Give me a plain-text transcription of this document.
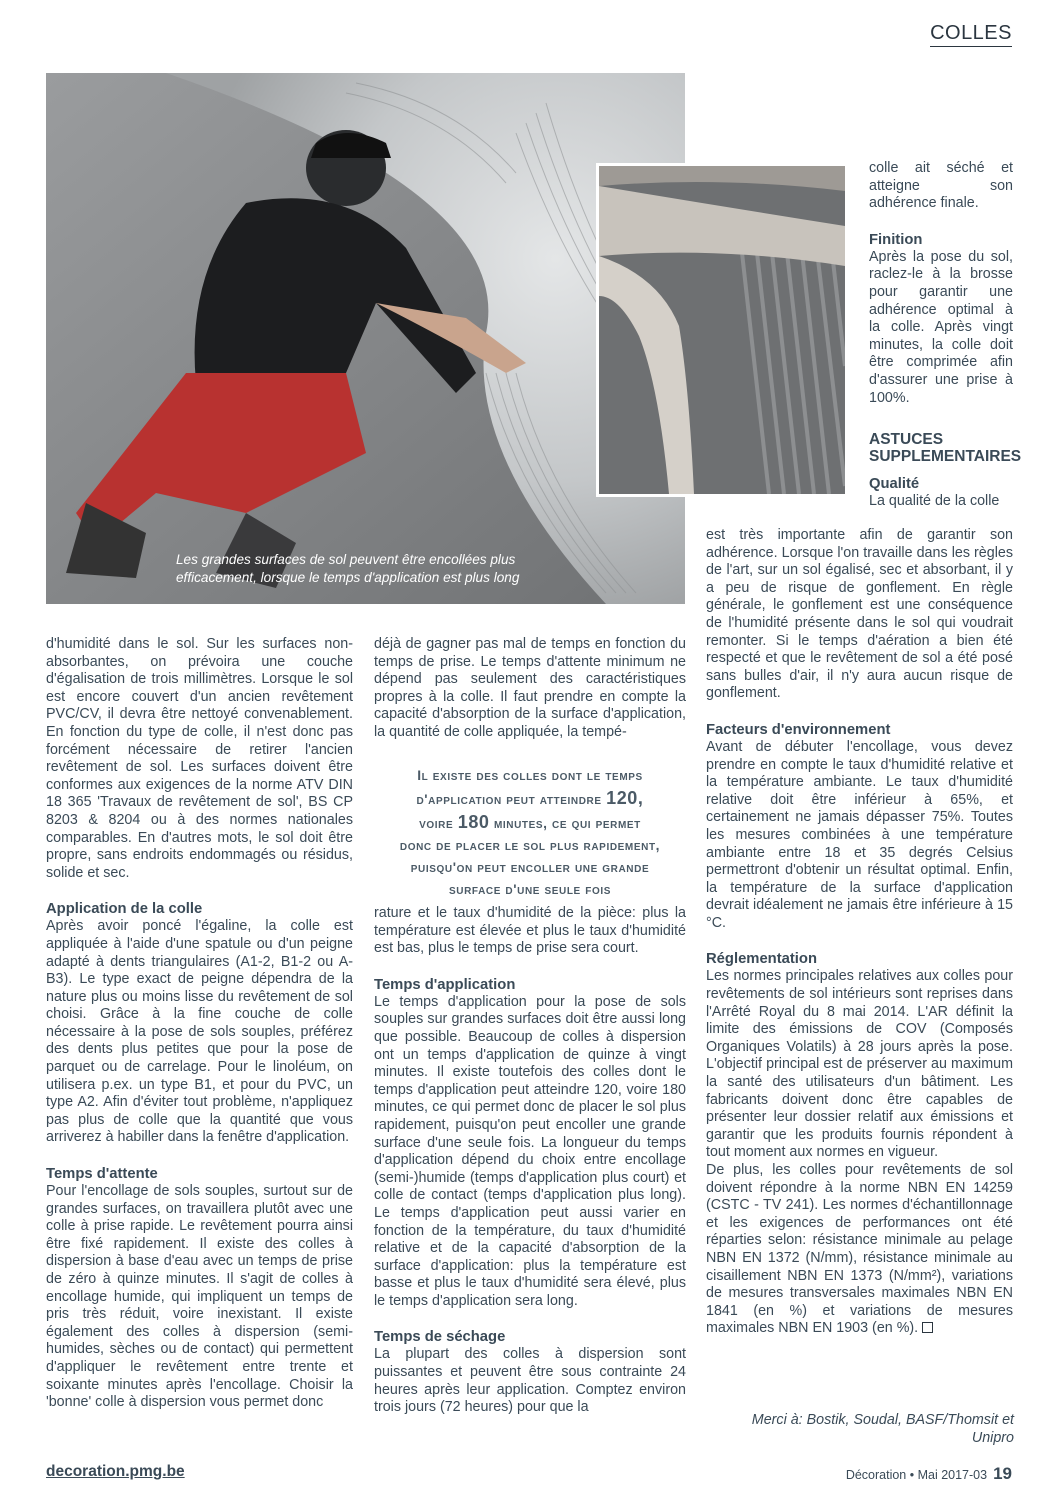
COLLES
Les grandes surfaces de sol peuvent être encollées plus efficacement, lorsque le temps d'application est plus long

d'humidité dans le sol. Sur les surfaces non-absorbantes, on prévoira une couche d'égalisation de trois millimètres. Lorsque le sol est encore couvert d'un ancien revêtement PVC/CV, il devra être nettoyé convenablement. En fonction du type de colle, il n'est donc pas forcément nécessaire de retirer l'ancien revêtement de sol. Les surfaces doivent être conformes aux exigences de la norme ATV DIN 18 365 'Travaux de revêtement de sol', BS CP 8203 & 8204 ou à des normes nationales comparables. En d'autres mots, le sol doit être propre, sans endroits endommagés ou résidus, solide et sec.

Application de la colle

Après avoir poncé l'égaline, la colle est appliquée à l'aide d'une spatule ou d'un peigne adapté à dents triangulaires (A1-2, B1-2 ou A-B3). Le type exact de peigne dépendra de la nature plus ou moins lisse du revêtement de sol choisi. Grâce à la fine couche de colle nécessaire à la pose de sols souples, préférez des dents plus petites que pour la pose de parquet ou de carrelage. Pour le linoléum, on utilisera p.ex. un type B1, et pour du PVC, un type A2. Afin d'éviter tout problème, n'appliquez pas plus de colle que la quantité que vous arriverez à habiller dans la fenêtre d'application.

Temps d'attente

Pour l'encollage de sols souples, surtout sur de grandes surfaces, on travaillera plutôt avec une colle à prise rapide. Le revêtement pourra ainsi être fixé rapidement. Il existe des colles à dispersion à base d'eau avec un temps de prise de zéro à quinze minutes. Il s'agit de colles à encollage humide, qui impliquent un temps de pris très réduit, voire inexistant. Il existe également des colles à dispersion (semi-humides, sèches ou de contact) qui permettent d'appliquer le revêtement entre trente et soixante minutes après l'encollage. Choisir la 'bonne' colle à dispersion vous permet donc

déjà de gagner pas mal de temps en fonction du temps de prise. Le temps d'attente minimum ne dépend pas seulement des caractéristiques propres à la colle. Il faut prendre en compte la capacité d'absorption de la surface d'application, la quantité de colle appliquée, la tempé-

Il existe des colles dont le temps
d'application peut atteindre 120,
voire 180 minutes, ce qui permet
donc de placer le sol plus rapidement,
puisqu'on peut encoller une grande
surface d'une seule fois

rature et le taux d'humidité de la pièce: plus la température est élevée et plus le taux d'humidité est bas, plus le temps de prise sera court.

Temps d'application

Le temps d'application pour la pose de sols souples sur grandes surfaces doit être aussi long que possible. Beaucoup de colles à dispersion ont un temps d'application de quinze à vingt minutes. Il existe toutefois des colles dont le temps d'application peut atteindre 120, voire 180 minutes, ce qui permet donc de placer le sol plus rapidement, puisqu'on peut encoller une grande surface d'une seule fois. La longueur du temps d'application dépend du choix entre encollage (semi-)humide (temps d'application plus court) et colle de contact (temps d'application plus long). Le temps d'application peut aussi varier en fonction de la température, du taux d'humidité relative et de la capacité d'absorption de la surface d'application: plus la température est basse et plus le taux d'humidité sera élevé, plus le temps d'application sera long.

Temps de séchage

La plupart des colles à dispersion sont puissantes et peuvent être sous contrainte 24 heures après leur application. Comptez environ trois jours (72 heures) pour que la

colle ait séché et atteigne son adhérence finale.

Finition

Après la pose du sol, raclez-le à la brosse pour garantir une adhérence optimal à la colle. Après vingt minutes, la colle doit être comprimée afin d'assurer une prise à 100%.

ASTUCES
SUPPLEMENTAIRES
Qualité

La qualité de la colle

est très importante afin de garantir son adhérence. Lorsque l'on travaille dans les règles de l'art, sur un sol égalisé, sec et absorbant, il y a peu de risque de gonflement. En règle générale, le gonflement est une conséquence de l'humidité présente dans le sol qui voudrait remonter. Si le temps d'aération a bien été respecté et que le revêtement de sol a été posé sans bulles d'air, il n'y aura aucun risque de gonflement.

Facteurs d'environnement

Avant de débuter l'encollage, vous devez prendre en compte le taux d'humidité relative et la température ambiante. Le taux d'humidité relative doit être inférieur à 65%, et certainement ne jamais dépasser 75%. Toutes les mesures combinées à une température ambiante entre 18 et 35 degrés Celsius permettront d'obtenir un résultat optimal. Enfin, la température de la surface d'application devrait idéalement ne jamais être inférieure à 15 °C.

Réglementation

Les normes principales relatives aux colles pour revêtements de sol intérieurs sont reprises dans l'Arrêté Royal du 8 mai 2014. L'AR définit la limite des émissions de COV (Composés Organiques Volatils) à 28 jours après la pose. L'objectif principal est de préserver au maximum la santé des utilisateurs d'un bâtiment. Les fabricants doivent donc être capables de présenter leur dossier relatif aux émissions et garantir que les produits fournis répondent à tout moment aux normes en vigueur.

De plus, les colles pour revêtements de sol doivent répondre à la norme NBN EN 14259 (CSTC - TV 241). Les normes d'échantillonnage et les exigences de performances ont été réparties selon: résistance minimale au pelage NBN EN 1372 (N/mm), résistance minimale au cisaillement NBN EN 1373 (N/mm²), variations de mesures transversales maximales NBN EN 1841 (en %) et variations de mesures maximales NBN EN 1903 (en %).

Merci à: Bostik, Soudal, BASF/Thomsit et Unipro
decoration.pmg.be	Décoration • Mai 2017-03 19
